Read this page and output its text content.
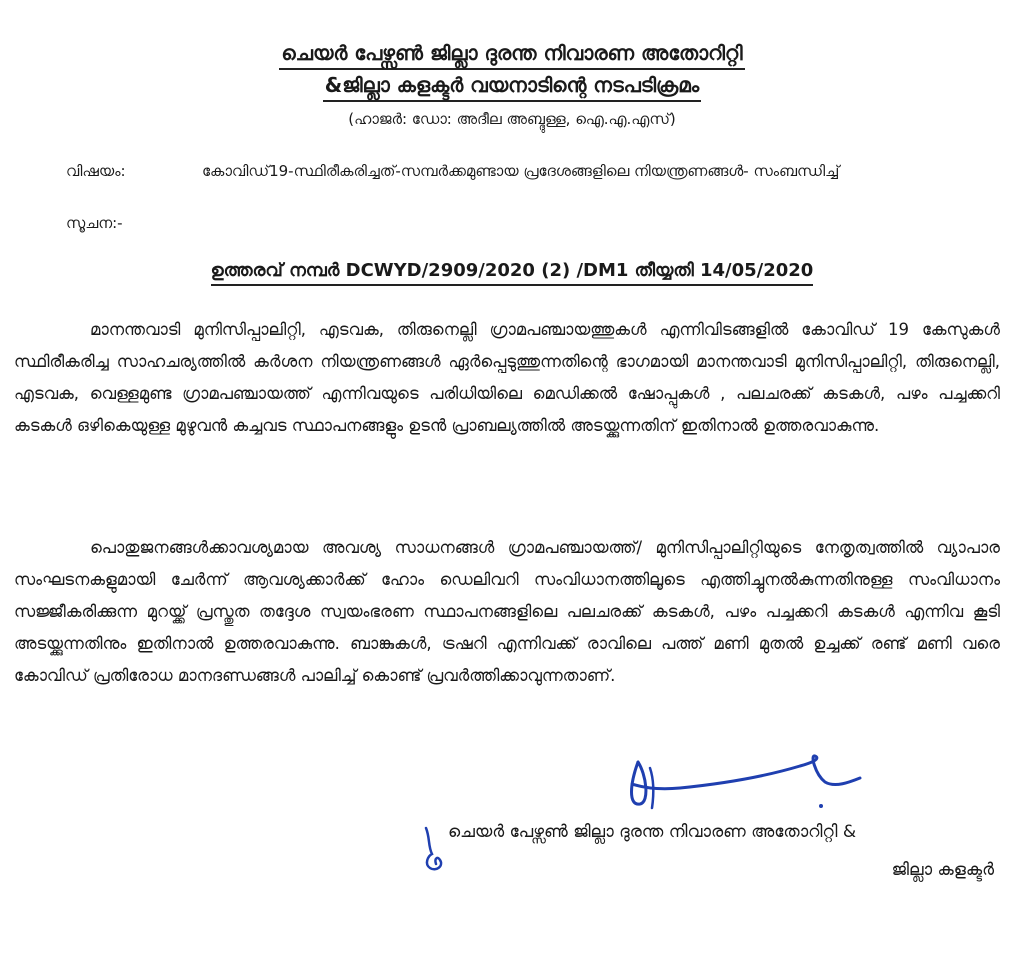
ചെയർ പേഴ്സൺ ജില്ലാ ദുരന്ത നിവാരണ അതോറിറ്റി
&ജില്ലാ കളക്ടർ വയനാടിന്റെ നടപടിക്രമം
(ഹാജർ: ഡോ: അദീല അബ്ദുള്ള, ഐ.എ.എസ്)
വിഷയം:	കോവിഡ്19-സ്ഥിരീകരിച്ചത്-സമ്പർക്കമുണ്ടായ പ്രദേശങ്ങളിലെ നിയന്ത്രണങ്ങൾ- സംബന്ധിച്ച്
സൂചന:-
ഉത്തരവ് നമ്പർ DCWYD/2909/2020 (2) /DM1 തീയ്യതി 14/05/2020

മാനന്തവാടി മുനിസിപ്പാലിറ്റി, എടവക, തിരുനെല്ലി ഗ്രാമപഞ്ചായത്തുകൾ എന്നിവിടങ്ങളിൽ കോവിഡ് 19 കേസുകൾ സ്ഥിരീകരിച്ച സാഹചര്യത്തിൽ കർശന നിയന്ത്രണങ്ങൾ ഏർപ്പെടുത്തുന്നതിന്റെ ഭാഗമായി മാനന്തവാടി മുനിസിപ്പാലിറ്റി, തിരുനെല്ലി, എടവക, വെള്ളമുണ്ട ഗ്രാമപഞ്ചായത്ത് എന്നിവയുടെ പരിധിയിലെ മെഡിക്കൽ ഷോപ്പുകൾ , പലചരക്ക് കടകൾ, പഴം പച്ചക്കറി കടകൾ ഒഴികെയുള്ള മുഴുവൻ കച്ചവട സ്ഥാപനങ്ങളും ഉടൻ പ്രാബല്യത്തിൽ അടയ്ക്കുന്നതിന് ഇതിനാൽ ഉത്തരവാകുന്നു.

പൊതുജനങ്ങൾക്കാവശ്യമായ അവശ്യ സാധനങ്ങൾ ഗ്രാമപഞ്ചായത്ത്/ മുനിസിപ്പാലിറ്റിയുടെ നേതൃത്വത്തിൽ വ്യാപാര സംഘടനകളുമായി ചേർന്ന് ആവശ്യക്കാർക്ക് ഹോം ഡെലിവറി സംവിധാനത്തിലൂടെ എത്തിച്ചുനൽകുന്നതിനുള്ള സംവിധാനം സജ്ജീകരിക്കുന്ന മുറയ്ക്ക് പ്രസ്തുത തദ്ദേശ സ്വയംഭരണ സ്ഥാപനങ്ങളിലെ പലചരക്ക് കടകൾ, പഴം പച്ചക്കറി കടകൾ എന്നിവ കൂടി അടയ്ക്കുന്നതിനും ഇതിനാൽ ഉത്തരവാകുന്നു. ബാങ്കുകൾ, ട്രഷറി എന്നിവക്ക് രാവിലെ പത്ത് മണി മുതൽ ഉച്ചക്ക് രണ്ട് മണി വരെ കോവിഡ് പ്രതിരോധ മാനദണ്ഡങ്ങൾ പാലിച്ച് കൊണ്ട് പ്രവർത്തിക്കാവുന്നതാണ്.

ചെയർ പേഴ്സൺ ജില്ലാ ദുരന്ത നിവാരണ അതോറിറ്റി &
ജില്ലാ കളക്ടർ
